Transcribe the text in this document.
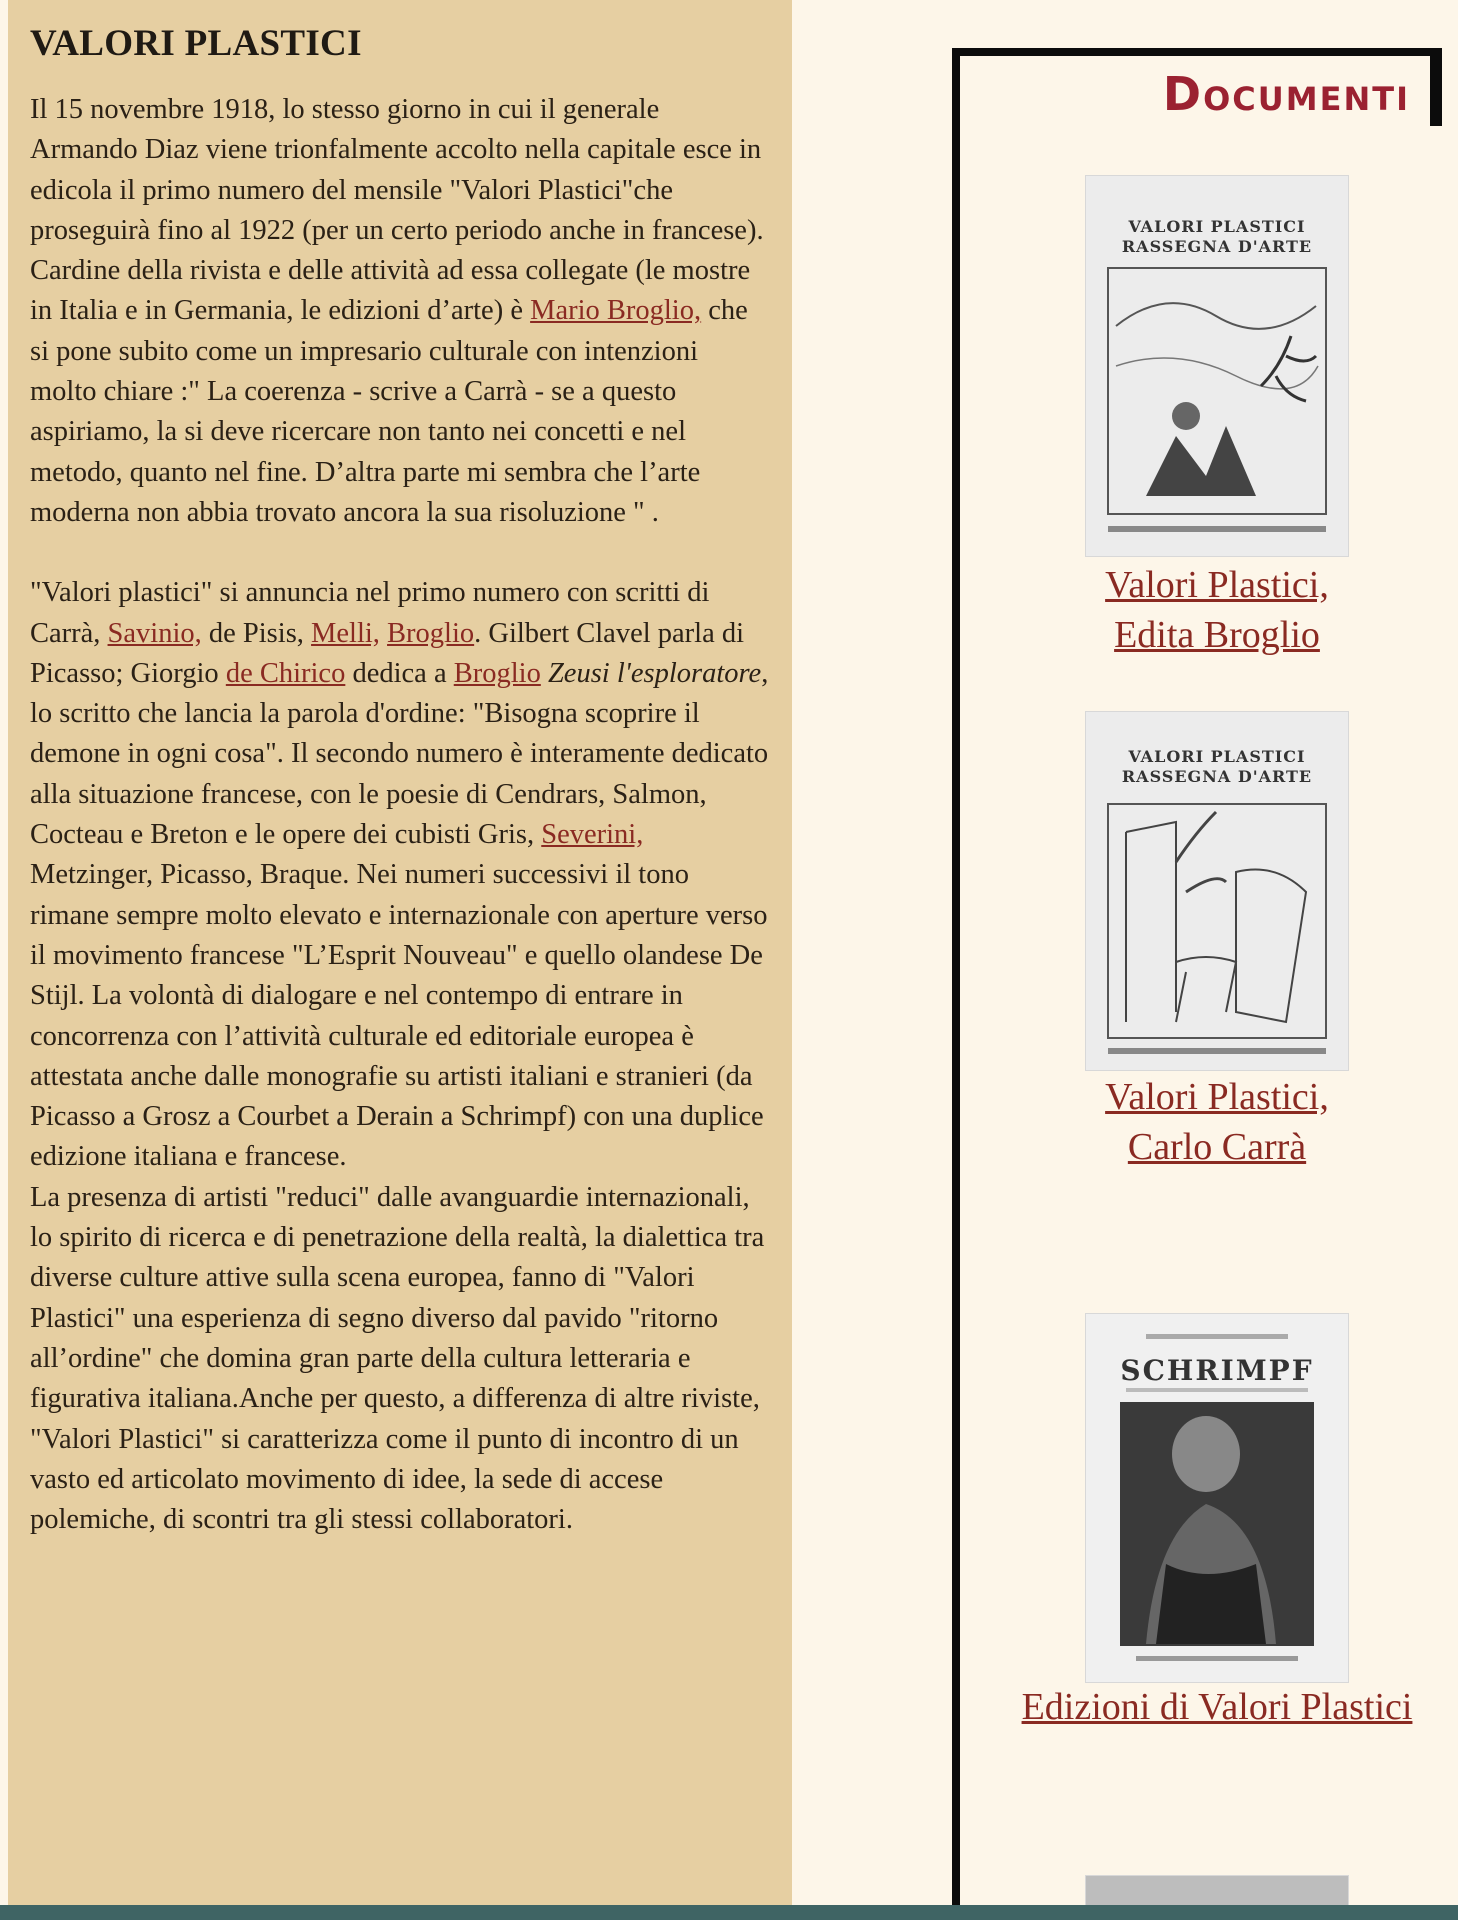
VALORI PLASTICI

Il 15 novembre 1918, lo stesso giorno in cui il generale Armando Diaz viene trionfalmente accolto nella capitale esce in edicola il primo numero del mensile "Valori Plastici"che proseguirà fino al 1922 (per un certo periodo anche in francese).
Cardine della rivista e delle attività ad essa collegate (le mostre in Italia e in Germania, le edizioni d’arte) è Mario Broglio, che si pone subito come un impresario culturale con intenzioni molto chiare :" La coerenza - scrive a Carrà - se a questo aspiriamo, la si deve ricercare non tanto nei concetti e nel metodo, quanto nel fine. D’altra parte mi sembra che l’arte moderna non abbia trovato ancora la sua risoluzione " .

"Valori plastici" si annuncia nel primo numero con scritti di Carrà, Savinio, de Pisis, Melli, Broglio. Gilbert Clavel parla di Picasso; Giorgio de Chirico dedica a Broglio Zeusi l'esploratore, lo scritto che lancia la parola d'ordine: "Bisogna scoprire il demone in ogni cosa". Il secondo numero è interamente dedicato alla situazione francese, con le poesie di Cendrars, Salmon, Cocteau e Breton e le opere dei cubisti Gris, Severini, Metzinger, Picasso, Braque. Nei numeri successivi il tono rimane sempre molto elevato e internazionale con aperture verso il movimento francese "L’Esprit Nouveau" e quello olandese De Stijl. La volontà di dialogare e nel contempo di entrare in concorrenza con l’attività culturale ed editoriale europea è attestata anche dalle monografie su artisti italiani e stranieri (da Picasso a Grosz a Courbet a Derain a Schrimpf) con una duplice edizione italiana e francese.
La presenza di artisti "reduci" dalle avanguardie internazionali, lo spirito di ricerca e di penetrazione della realtà, la dialettica tra diverse culture attive sulla scena europea, fanno di "Valori Plastici" una esperienza di segno diverso dal pavido "ritorno all’ordine" che domina gran parte della cultura letteraria e figurativa italiana.Anche per questo, a differenza di altre riviste, "Valori Plastici" si caratterizza come il punto di incontro di un vasto ed articolato movimento di idee, la sede di accese polemiche, di scontri tra gli stessi collaboratori.

Documenti
VALORI PLASTICI
RASSEGNA D'ARTE
Valori Plastici,
Edita Broglio
VALORI PLASTICI
RASSEGNA D'ARTE
Valori Plastici,
Carlo Carrà
SCHRIMPF
Edizioni di Valori Plastici
